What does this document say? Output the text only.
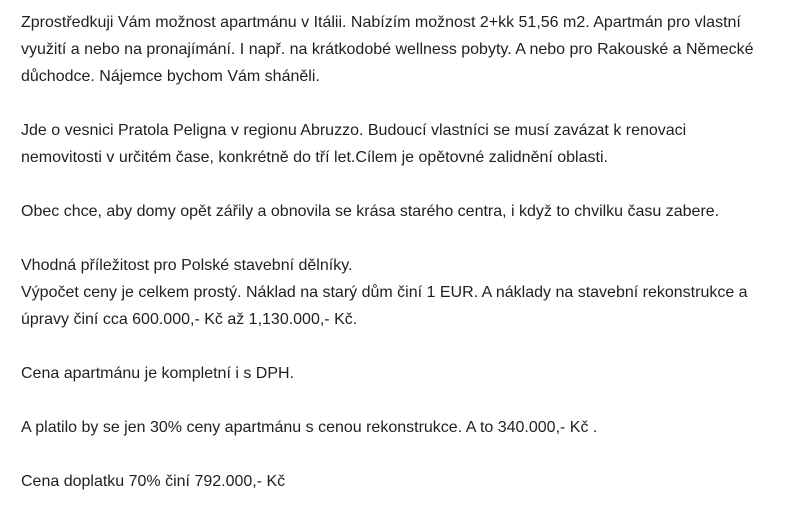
Zprostředkuji Vám možnost apartmánu v Itálii. Nabízím možnost 2+kk 51,56 m2. Apartmán pro vlastní
využití a nebo na pronajímání. I např. na krátkodobé wellness pobyty. A nebo pro Rakouské a Německé
důchodce. Nájemce bychom Vám sháněli.

Jde o vesnici Pratola Peligna v regionu Abruzzo. Budoucí vlastníci se musí zavázat k renovaci
nemovitosti v určitém čase, konkrétně do tří let.Cílem je opětovné zalidnění oblasti.

Obec chce, aby domy opět zářily a obnovila se krása starého centra, i když to chvilku času zabere.

Vhodná příležitost pro Polské stavební dělníky.
Výpočet ceny je celkem prostý. Náklad na starý dům činí 1 EUR. A náklady na stavební rekonstrukce a
úpravy činí cca 600.000,- Kč až 1,130.000,- Kč.

Cena apartmánu je kompletní i s DPH.

A platilo by se jen 30% ceny apartmánu s cenou rekonstrukce. A to 340.000,- Kč .

Cena doplatku 70% činí 792.000,- Kč
